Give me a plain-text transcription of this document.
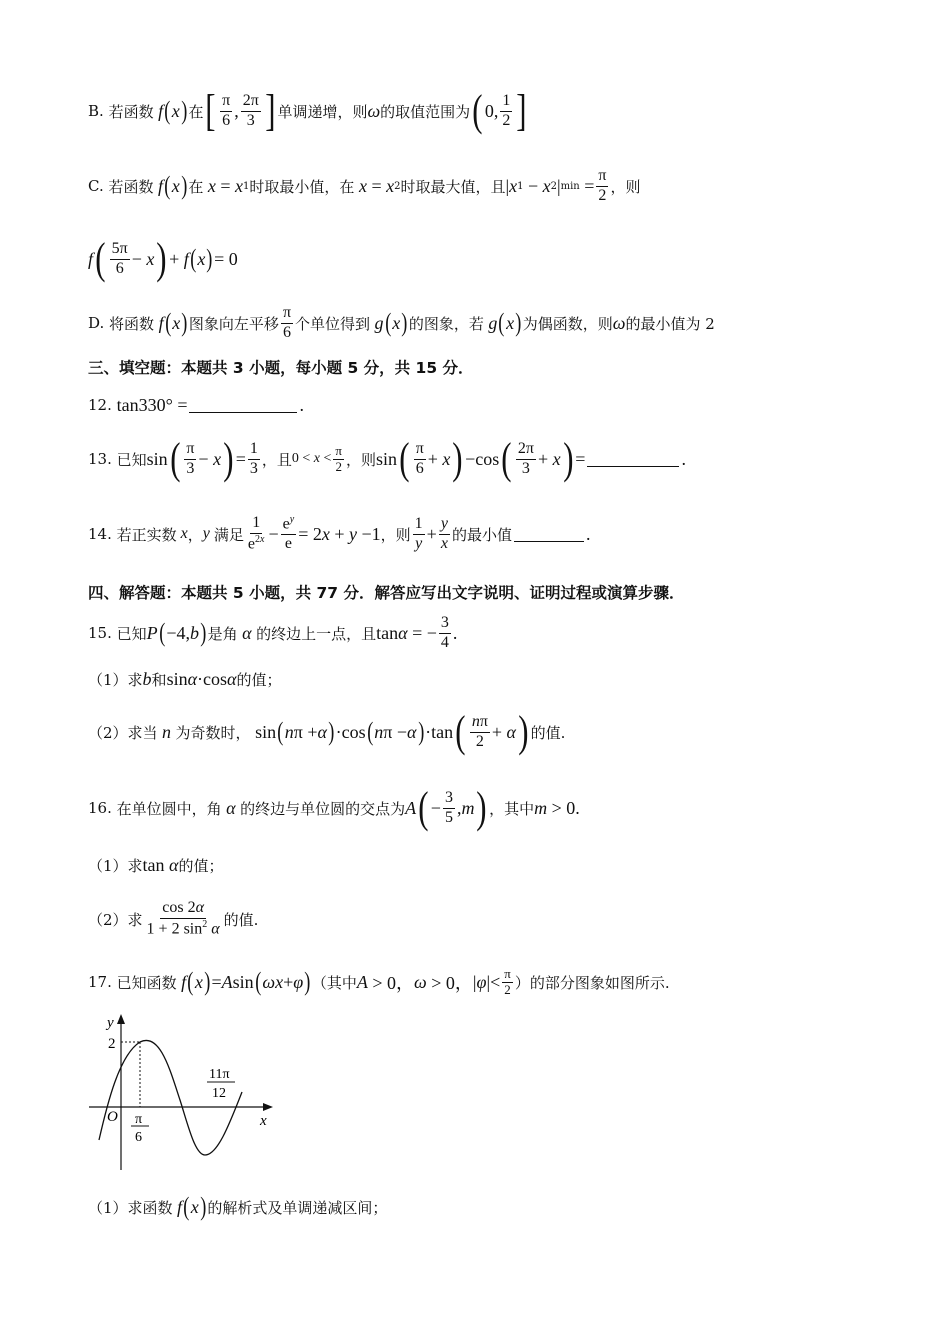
B.
若函数 f ( x ) 在 [ $\frac{\pi}{6}$ , $\frac{2\pi}{3}$ ] 单调递增，则 ω 的取值范围为 ( 0 , $\frac{1}{2}$ ]
C.
若函数 f ( x ) 在 x = x 1 时取最小值，在 x = x 2 时取最大值，且 | x 1 − x 2 | $\min = \frac{\pi}{2}$ ，则
f ( $\frac{5\pi}{6} - x$ ) + f ( x ) = 0
D.
将函数 f ( x ) 图象向左平移 $\frac{\pi}{6}$ 个单位得到 g ( x ) 的图象，若 g ( x ) 为偶函数，则 ω 的最小值为 2
三、填空题：本题共 3 小题，每小题 5 分，共 15 分．
12.
tan330° =	.
13.
已知 sin ( $\frac{\pi}{3} - x$ ) = $\frac{1}{3}$ ，且 $0 < x < \frac{\pi}{2}$ ，则 sin ( $\frac{\pi}{6} + x$ ) −cos ( $\frac{2\pi}{3} + x$ ) =	.
14.
若正实数 x ， y 满足 $\frac{1}{e^{2x}} - \frac{e^y}{e} = 2$ x + y −1 ，则 $\frac{1}{y} + \frac{y}{x}$ 的最小值	.
四、解答题：本题共 5 小题，共 77 分．解答应写出文字说明、证明过程或演算步骤．
15.
已知 P ( −4, b ) 是角 α 的终边上一点，且 tan α = − $\frac{3}{4}$ .
（1）求 b 和 sin α ·cos α 的值；
（2）求当 n 为奇数时， sin ( n π + α ) ·cos ( n π − α ) ·tan ( $\frac{n\pi}{2} + \alpha$ ) 的值.
16.
在单位圆中，角 α 的终边与单位圆的交点为 A ( − $\frac{3}{5}$ , m ) ，其中 m > 0.
（1）求 tan α 的值；
（2）求 $\frac{\cos 2\alpha}{1 + 2 \sin^2 \alpha}$ 的值.
17.
已知函数 f ( x ) = A sin ( ωx + φ ) （其中 A > 0， ω > 0， | φ |< $\frac{\pi}{2}$ ）的部分图象如图所示.
y
x
O
2
π
6
11π
12
（1）求函数 f ( x ) 的解析式及单调递减区间；
